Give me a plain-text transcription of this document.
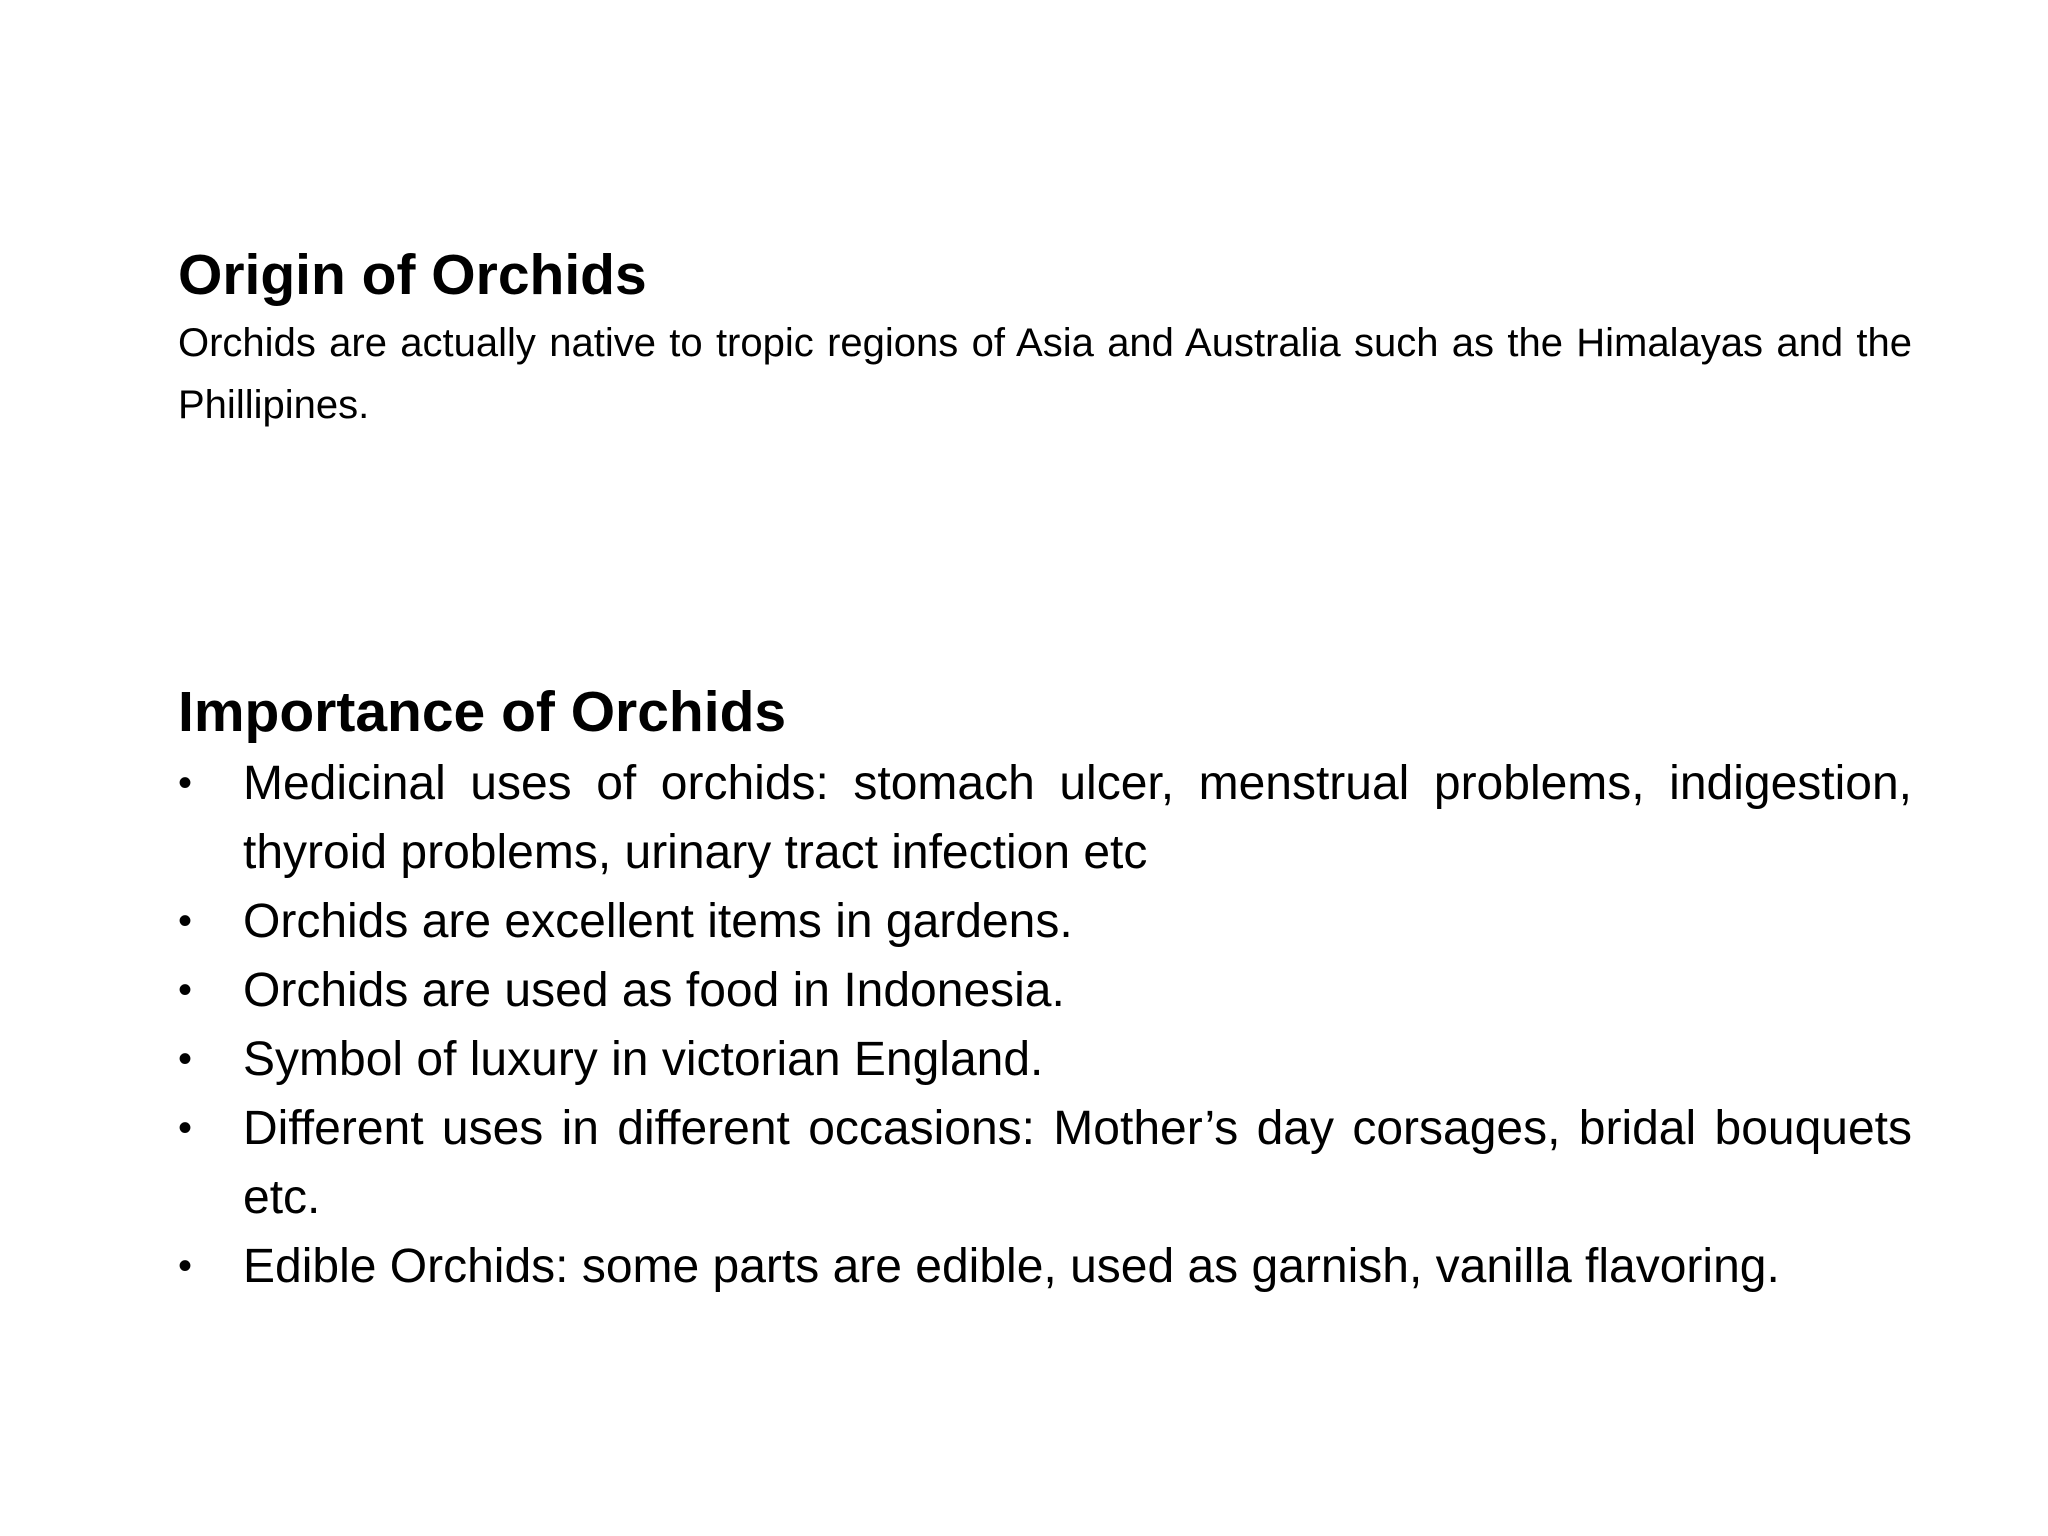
Origin of Orchids

Orchids are actually native to tropic regions of Asia and Australia such as the Himalayas and the Phillipines.

Importance of Orchids
•	Medicinal uses of orchids: stomach ulcer, menstrual problems, indigestion, thyroid problems, urinary tract infection etc
•	Orchids are excellent items in gardens.
•	Orchids are used as food in Indonesia.
•	Symbol of luxury in victorian England.
•	Different uses in different occasions: Mother’s day corsages, bridal bouquets etc.
•	Edible Orchids: some parts are edible, used as garnish, vanilla flavoring.
